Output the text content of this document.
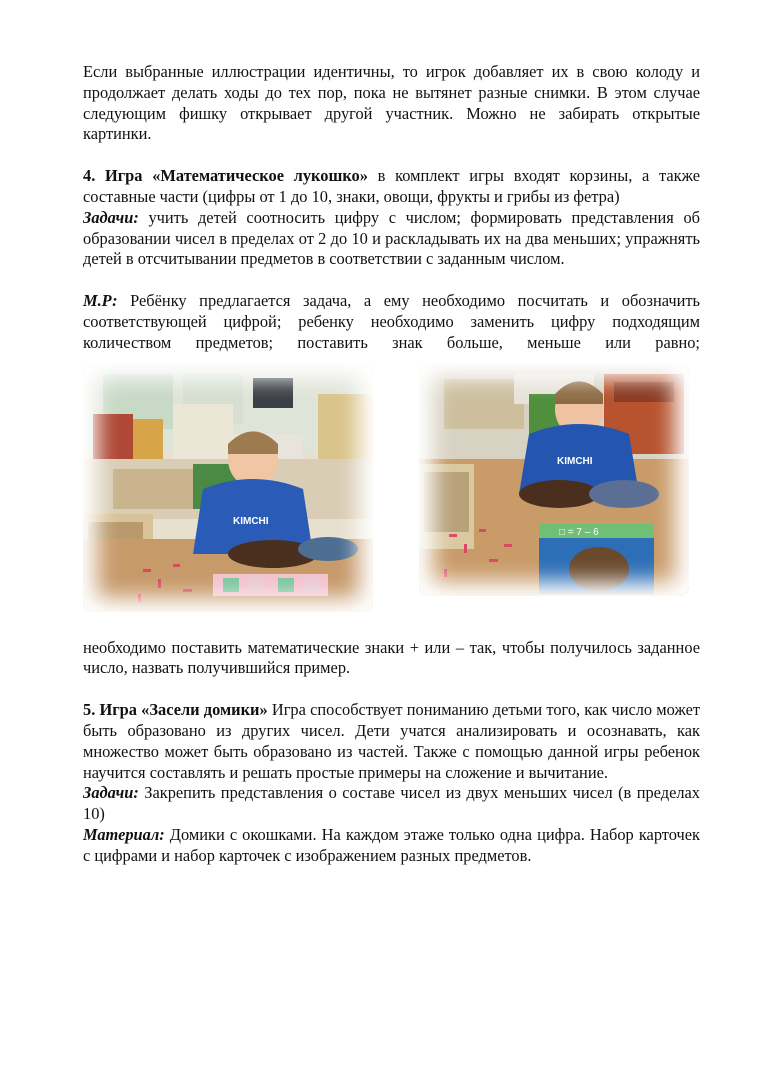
Если выбранные иллюстрации идентичны, то игрок добавляет их в свою колоду и продолжает делать ходы до тех пор, пока не вытянет разные снимки. В этом случае следующим фишку открывает другой участник. Можно не забирать открытые картинки.

4. Игра «Математическое лукошко» в комплект игры входят корзины, а также составные части (цифры от 1 до 10, знаки, овощи, фрукты и грибы из фетра)

Задачи: учить детей соотносить цифру с числом; формировать представления об образовании чисел в пределах от 2 до 10 и раскладывать их на два меньших; упражнять детей в отсчитывании предметов в соответствии с заданным числом.

М.Р: Ребёнку предлагается задача, а ему необходимо посчитать и обозначить соответствующей цифрой; ребенку необходимо заменить цифру подходящим количеством предметов; поставить знак больше, меньше или равно;

KIMCHI
KIMCHI
□ = 7 – 6

необходимо поставить математические знаки + или – так, чтобы получилось заданное число, назвать получившийся пример.

5. Игра «Засели домики» Игра способствует пониманию детьми того, как число может быть образовано из других чисел. Дети учатся анализировать и осознавать, как множество может быть образовано из частей. Также с помощью данной игры ребенок научится составлять и решать простые примеры на сложение и вычитание.

Задачи: Закрепить представления о составе чисел из двух меньших чисел (в пределах 10)

Материал: Домики с окошками. На каждом этаже только одна цифра. Набор карточек с цифрами и набор карточек с изображением разных предметов.
